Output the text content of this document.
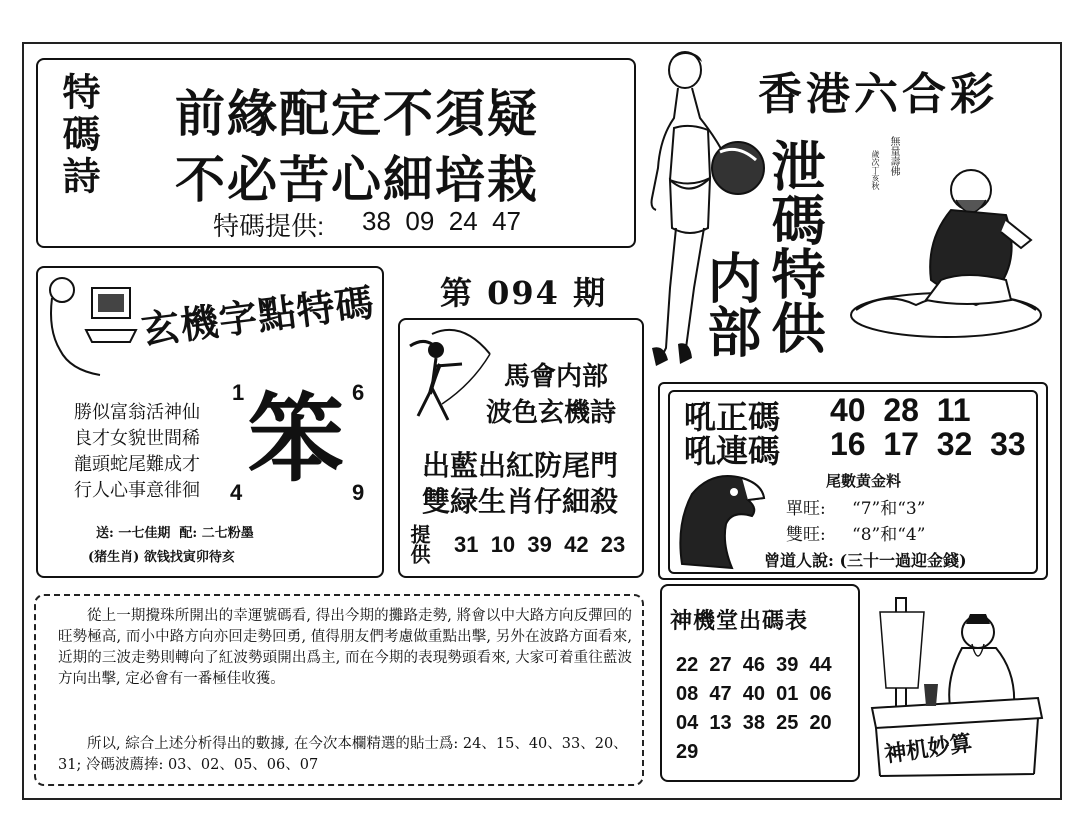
特碼詩 前緣配定不須疑
不必苦心細培栽
特碼提供: 38  09  24  47
香港六合彩
泄碼特供
内部
無量壽佛
歲次丁亥秋
第 094 期
玄機字點特碼
1	6
4	9
笨
勝似富翁活神仙
良才女貌世間稀
龍頭蛇尾難成才
行人心事意徘徊
送: 一七佳期  配: 二七粉墨
(猪生肖) 欲钱找寅卯待亥
馬會内部
波色玄機詩
出藍出紅防尾門
雙緑生肖仔細殺
提供 31  10  39  42  23
吼正碼 40  28  11
吼連碼 16  17  32  33
尾數黄金料
單旺: “7”和“3”
雙旺: “8”和“4”
曾道人說: (三十一過迎金錢)
從上一期攪珠所開出的幸運號碼看, 得出今期的攤路走勢, 將會以中大路方向反彈回的旺勢極高, 而小中路方向亦回走勢回勇, 值得朋友們考慮做重點出擊, 另外在波路方面看來, 近期的三波走勢則轉向了紅波勢頭開出爲主, 而在今期的表現勢頭看來, 大家可着重往藍波方向出擊, 定必會有一番極佳收獲。
所以, 綜合上述分析得出的數據, 在今次本欄精選的貼士爲: 24、15、40、33、20、31; 冷碼波薦捧: 03、02、05、06、07
神機堂出碼表
22  27  46  39  44
08  47  40  01  06
04  13  38  25  20
29	神机妙算
